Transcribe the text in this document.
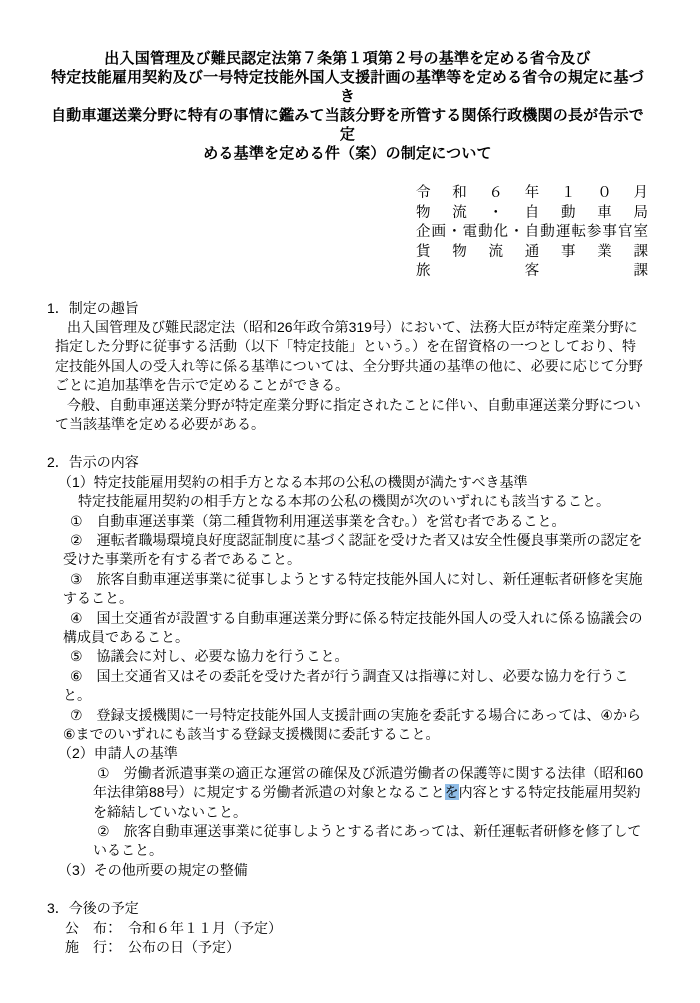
出入国管理及び難民認定法第７条第１項第２号の基準を定める省令及び
特定技能雇用契約及び一号特定技能外国人支援計画の基準等を定める省令の規定に基づき
自動車運送業分野に特有の事情に鑑みて当該分野を所管する関係行政機関の長が告示で定
める基準を定める件（案）の制定について
令和６年１０月
物流・自動車局
企画・電動化・自動運転参事官室
貨物流通事業課
旅客課
1．制定の趣旨
出入国管理及び難民認定法（昭和26年政令第319号）において、法務大臣が特定産業分野に指定した分野に従事する活動（以下「特定技能」という。）を在留資格の一つとしており、特定技能外国人の受入れ等に係る基準については、全分野共通の基準の他に、必要に応じて分野ごとに追加基準を告示で定めることができる。
今般、自動車運送業分野が特定産業分野に指定されたことに伴い、自動車運送業分野について当該基準を定める必要がある。
2．告示の内容
（1）特定技能雇用契約の相手方となる本邦の公私の機関が満たすべき基準
特定技能雇用契約の相手方となる本邦の公私の機関が次のいずれにも該当すること。
①　自動車運送事業（第二種貨物利用運送事業を含む。）を営む者であること。
②　運転者職場環境良好度認証制度に基づく認証を受けた者又は安全性優良事業所の認定を受けた事業所を有する者であること。
③　旅客自動車運送事業に従事しようとする特定技能外国人に対し、新任運転者研修を実施すること。
④　国土交通省が設置する自動車運送業分野に係る特定技能外国人の受入れに係る協議会の構成員であること。
⑤　協議会に対し、必要な協力を行うこと。
⑥　国土交通省又はその委託を受けた者が行う調査又は指導に対し、必要な協力を行うこと。
⑦　登録支援機関に一号特定技能外国人支援計画の実施を委託する場合にあっては、④から⑥までのいずれにも該当する登録支援機関に委託すること。
（2）申請人の基準
①　労働者派遣事業の適正な運営の確保及び派遣労働者の保護等に関する法律（昭和60年法律第88号）に規定する労働者派遣の対象となることを内容とする特定技能雇用契約を締結していないこと。
②　旅客自動車運送事業に従事しようとする者にあっては、新任運転者研修を修了していること。
（3）その他所要の規定の整備
3．今後の予定
公　布：　令和６年１１月（予定）
施　行：　公布の日（予定）
